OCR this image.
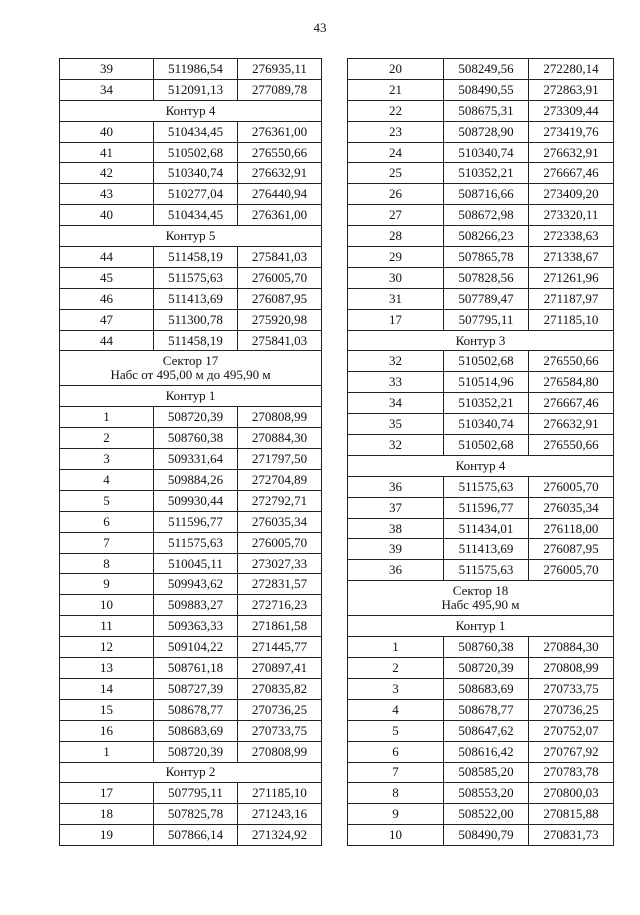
43
39	511986,54	276935,11
34	512091,13	277089,78

Контур 4		

40	510434,45	276361,00
41	510502,68	276550,66
42	510340,74	276632,91
43	510277,04	276440,94
40	510434,45	276361,00

Контур 5		

44	511458,19	275841,03
45	511575,63	276005,70
46	511413,69	276087,95
47	511300,78	275920,98
44	511458,19	275841,03

Сектор 17
Набс от 495,00 м до 495,90 м		

Контур 1		

1	508720,39	270808,99
2	508760,38	270884,30
3	509331,64	271797,50
4	509884,26	272704,89
5	509930,44	272792,71
6	511596,77	276035,34
7	511575,63	276005,70
8	510045,11	273027,33
9	509943,62	272831,57
10	509883,27	272716,23
11	509363,33	271861,58
12	509104,22	271445,77
13	508761,18	270897,41
14	508727,39	270835,82
15	508678,77	270736,25
16	508683,69	270733,75
1	508720,39	270808,99

Контур 2		

17	507795,11	271185,10
18	507825,78	271243,16
19	507866,14	271324,92
20	508249,56	272280,14
21	508490,55	272863,91
22	508675,31	273309,44
23	508728,90	273419,76
24	510340,74	276632,91
25	510352,21	276667,46
26	508716,66	273409,20
27	508672,98	273320,11
28	508266,23	272338,63
29	507865,78	271338,67
30	507828,56	271261,96
31	507789,47	271187,97
17	507795,11	271185,10

Контур 3		

32	510502,68	276550,66
33	510514,96	276584,80
34	510352,21	276667,46
35	510340,74	276632,91
32	510502,68	276550,66

Контур 4		

36	511575,63	276005,70
37	511596,77	276035,34
38	511434,01	276118,00
39	511413,69	276087,95
36	511575,63	276005,70

Сектор 18
Набс 495,90 м		

Контур 1		

1	508760,38	270884,30
2	508720,39	270808,99
3	508683,69	270733,75
4	508678,77	270736,25
5	508647,62	270752,07
6	508616,42	270767,92
7	508585,20	270783,78
8	508553,20	270800,03
9	508522,00	270815,88
10	508490,79	270831,73
